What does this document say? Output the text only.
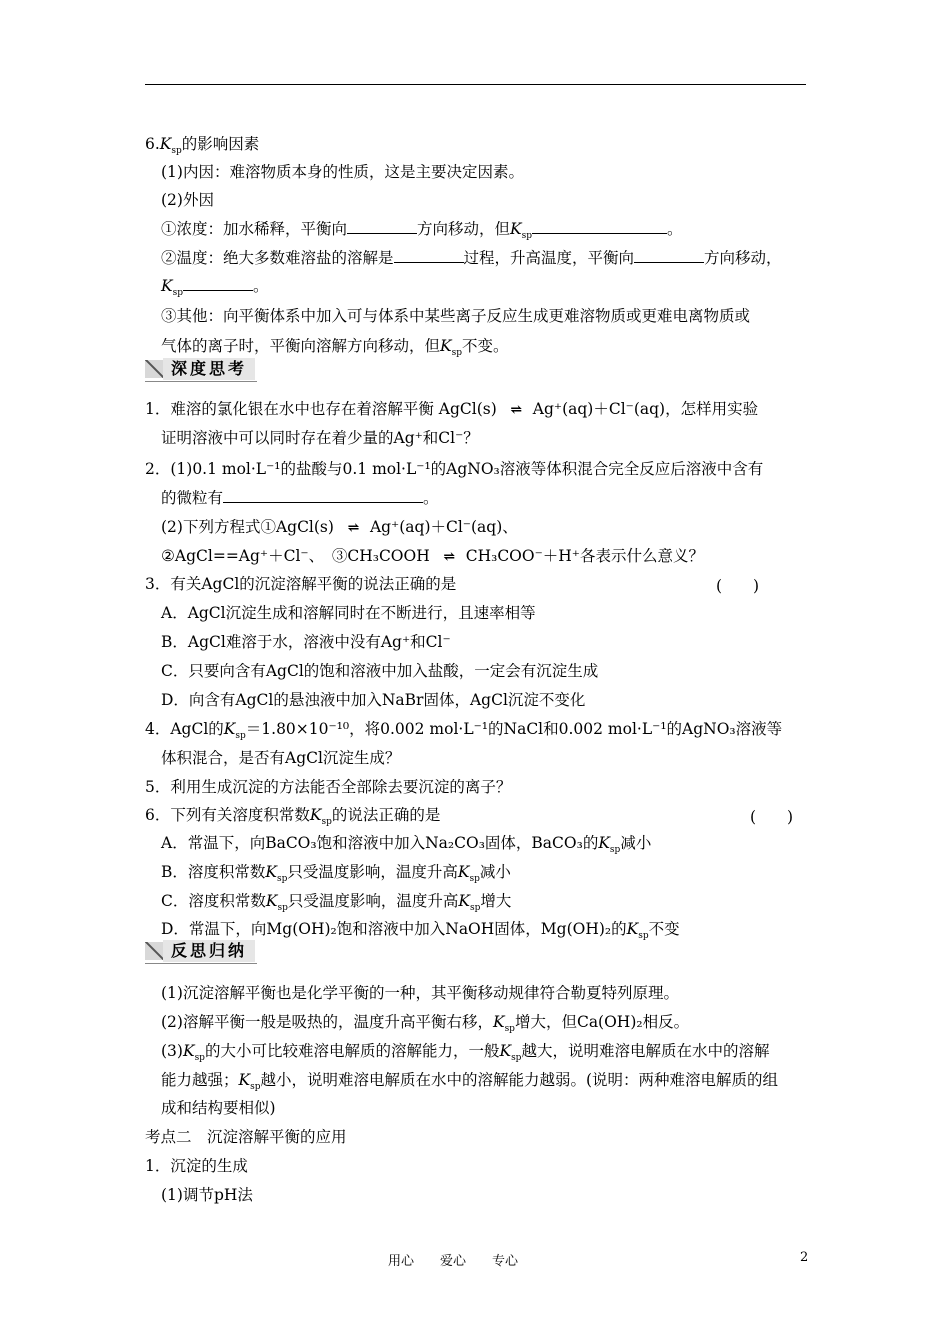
$6.K_{sp}$的影响因素
(1)内因：难溶物质本身的性质，这是主要决定因素。
(2)外因
①浓度：加水稀释，平衡向	方向移动，但$K_{sp}$	。
②温度：绝大多数难溶盐的溶解是	过程，升高温度，平衡向	方向移动，
$K_{sp}$	。
③其他：向平衡体系中加入可与体系中某些离子反应生成更难溶物质或更难电离物质或
气体的离子时，平衡向溶解方向移动，但$K_{sp}$不变。
深度思考
1．难溶的氯化银在水中也存在着溶解平衡 AgCl(s) ⇌ Ag⁺(aq)＋Cl⁻(aq)，怎样用实验
证明溶液中可以同时存在着少量的Ag⁺和Cl⁻？
2．(1)0.1 mol·L⁻¹的盐酸与0.1 mol·L⁻¹的AgNO₃溶液等体积混合完全反应后溶液中含有
的微粒有	。
(2)下列方程式①AgCl(s) ⇌ Ag⁺(aq)＋Cl⁻(aq)、
②AgCl==Ag⁺＋Cl⁻、　③CH₃COOH ⇌ CH₃COO⁻＋H⁺各表示什么意义？
3．有关AgCl的沉淀溶解平衡的说法正确的是	(　　)
A．AgCl沉淀生成和溶解同时在不断进行，且速率相等
B．AgCl难溶于水，溶液中没有Ag⁺和Cl⁻
C．只要向含有AgCl的饱和溶液中加入盐酸，一定会有沉淀生成
D．向含有AgCl的悬浊液中加入NaBr固体，AgCl沉淀不变化
4．AgCl的$K_{sp}=1.80\times 10^{-10}$，将0.002 mol·L⁻¹的NaCl和0.002 mol·L⁻¹的AgNO₃溶液等
体积混合，是否有AgCl沉淀生成？
5．利用生成沉淀的方法能否全部除去要沉淀的离子？
6．下列有关溶度积常数$K_{sp}$的说法正确的是	(　　)
A．常温下，向BaCO₃饱和溶液中加入Na₂CO₃固体，BaCO₃的$K_{sp}$减小
B．溶度积常数$K_{sp}$只受温度影响，温度升高$K_{sp}$减小
C．溶度积常数$K_{sp}$只受温度影响，温度升高$K_{sp}$增大
D．常温下，向Mg(OH)₂饱和溶液中加入NaOH固体，Mg(OH)₂的$K_{sp}$不变
反思归纳
(1)沉淀溶解平衡也是化学平衡的一种，其平衡移动规律符合勒夏特列原理。
(2)溶解平衡一般是吸热的，温度升高平衡右移，$K_{sp}$增大，但Ca(OH)₂相反。
$(3)K_{sp}$的大小可比较难溶电解质的溶解能力，一般$K_{sp}$越大，说明难溶电解质在水中的溶解
能力越强；$K_{sp}$越小，说明难溶电解质在水中的溶解能力越弱。(说明：两种难溶电解质的组
成和结构要相似)
考点二　沉淀溶解平衡的应用
1．沉淀的生成
(1)调节pH法
用心　　爱心　　专心	2
